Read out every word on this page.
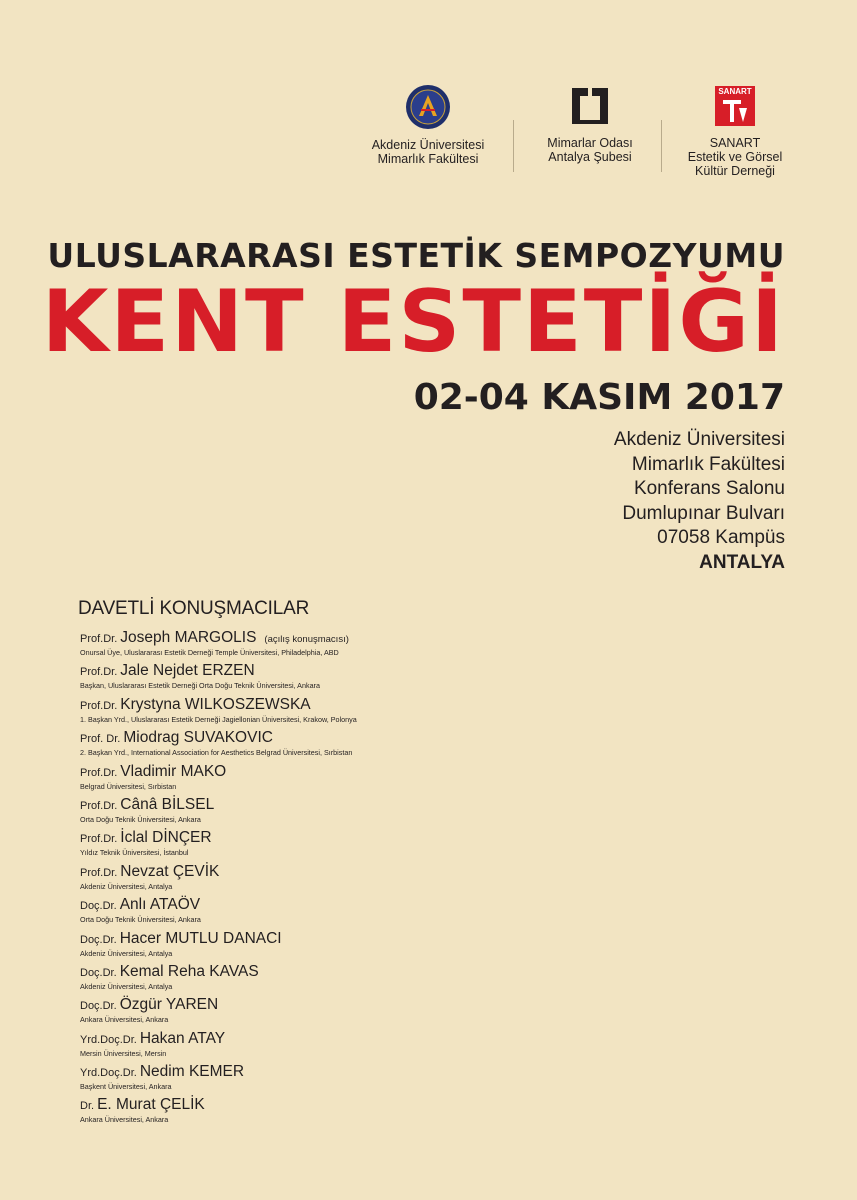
Akdeniz Üniversitesi
Mimarlık Fakültesi
Mimarlar Odası
Antalya Şubesi
SANART
SANART
Estetik ve Görsel
Kültür Derneği
ULUSLARARASI ESTETİK SEMPOZYUMU
KENT ESTETİĞİ
02-04 KASIM 2017
Akdeniz Üniversitesi
Mimarlık Fakültesi
Konferans Salonu
Dumlupınar Bulvarı
07058 Kampüs
ANTALYA
DAVETLİ KONUŞMACILAR
Prof.Dr. Joseph MARGOLIS (açılış konuşmacısı)
Onursal Üye, Uluslararası Estetik Derneği Temple Üniversitesi, Philadelphia, ABD
Prof.Dr. Jale Nejdet ERZEN
Başkan, Uluslararası Estetik Derneği Orta Doğu Teknik Üniversitesi, Ankara
Prof.Dr. Krystyna WILKOSZEWSKA
1. Başkan Yrd., Uluslararası Estetik Derneği Jagiellonian Üniversitesi, Krakow, Polonya
Prof. Dr. Miodrag SUVAKOVIC
2. Başkan Yrd., International Association for Aesthetics Belgrad Üniversitesi, Sırbistan
Prof.Dr. Vladimir MAKO
Belgrad Üniversitesi, Sırbistan
Prof.Dr. Cânâ BİLSEL
Orta Doğu Teknik Üniversitesi, Ankara
Prof.Dr. İclal DİNÇER
Yıldız Teknik Üniversitesi, İstanbul
Prof.Dr. Nevzat ÇEVİK
Akdeniz Üniversitesi, Antalya
Doç.Dr. Anlı ATAÖV
Orta Doğu Teknik Üniversitesi, Ankara
Doç.Dr. Hacer MUTLU DANACI
Akdeniz Üniversitesi, Antalya
Doç.Dr. Kemal Reha KAVAS
Akdeniz Üniversitesi, Antalya
Doç.Dr. Özgür YAREN
Ankara Üniversitesi, Ankara
Yrd.Doç.Dr. Hakan ATAY
Mersin Üniversitesi, Mersin
Yrd.Doç.Dr. Nedim KEMER
Başkent Üniversitesi, Ankara
Dr. E. Murat ÇELİK
Ankara Üniversitesi, Ankara
